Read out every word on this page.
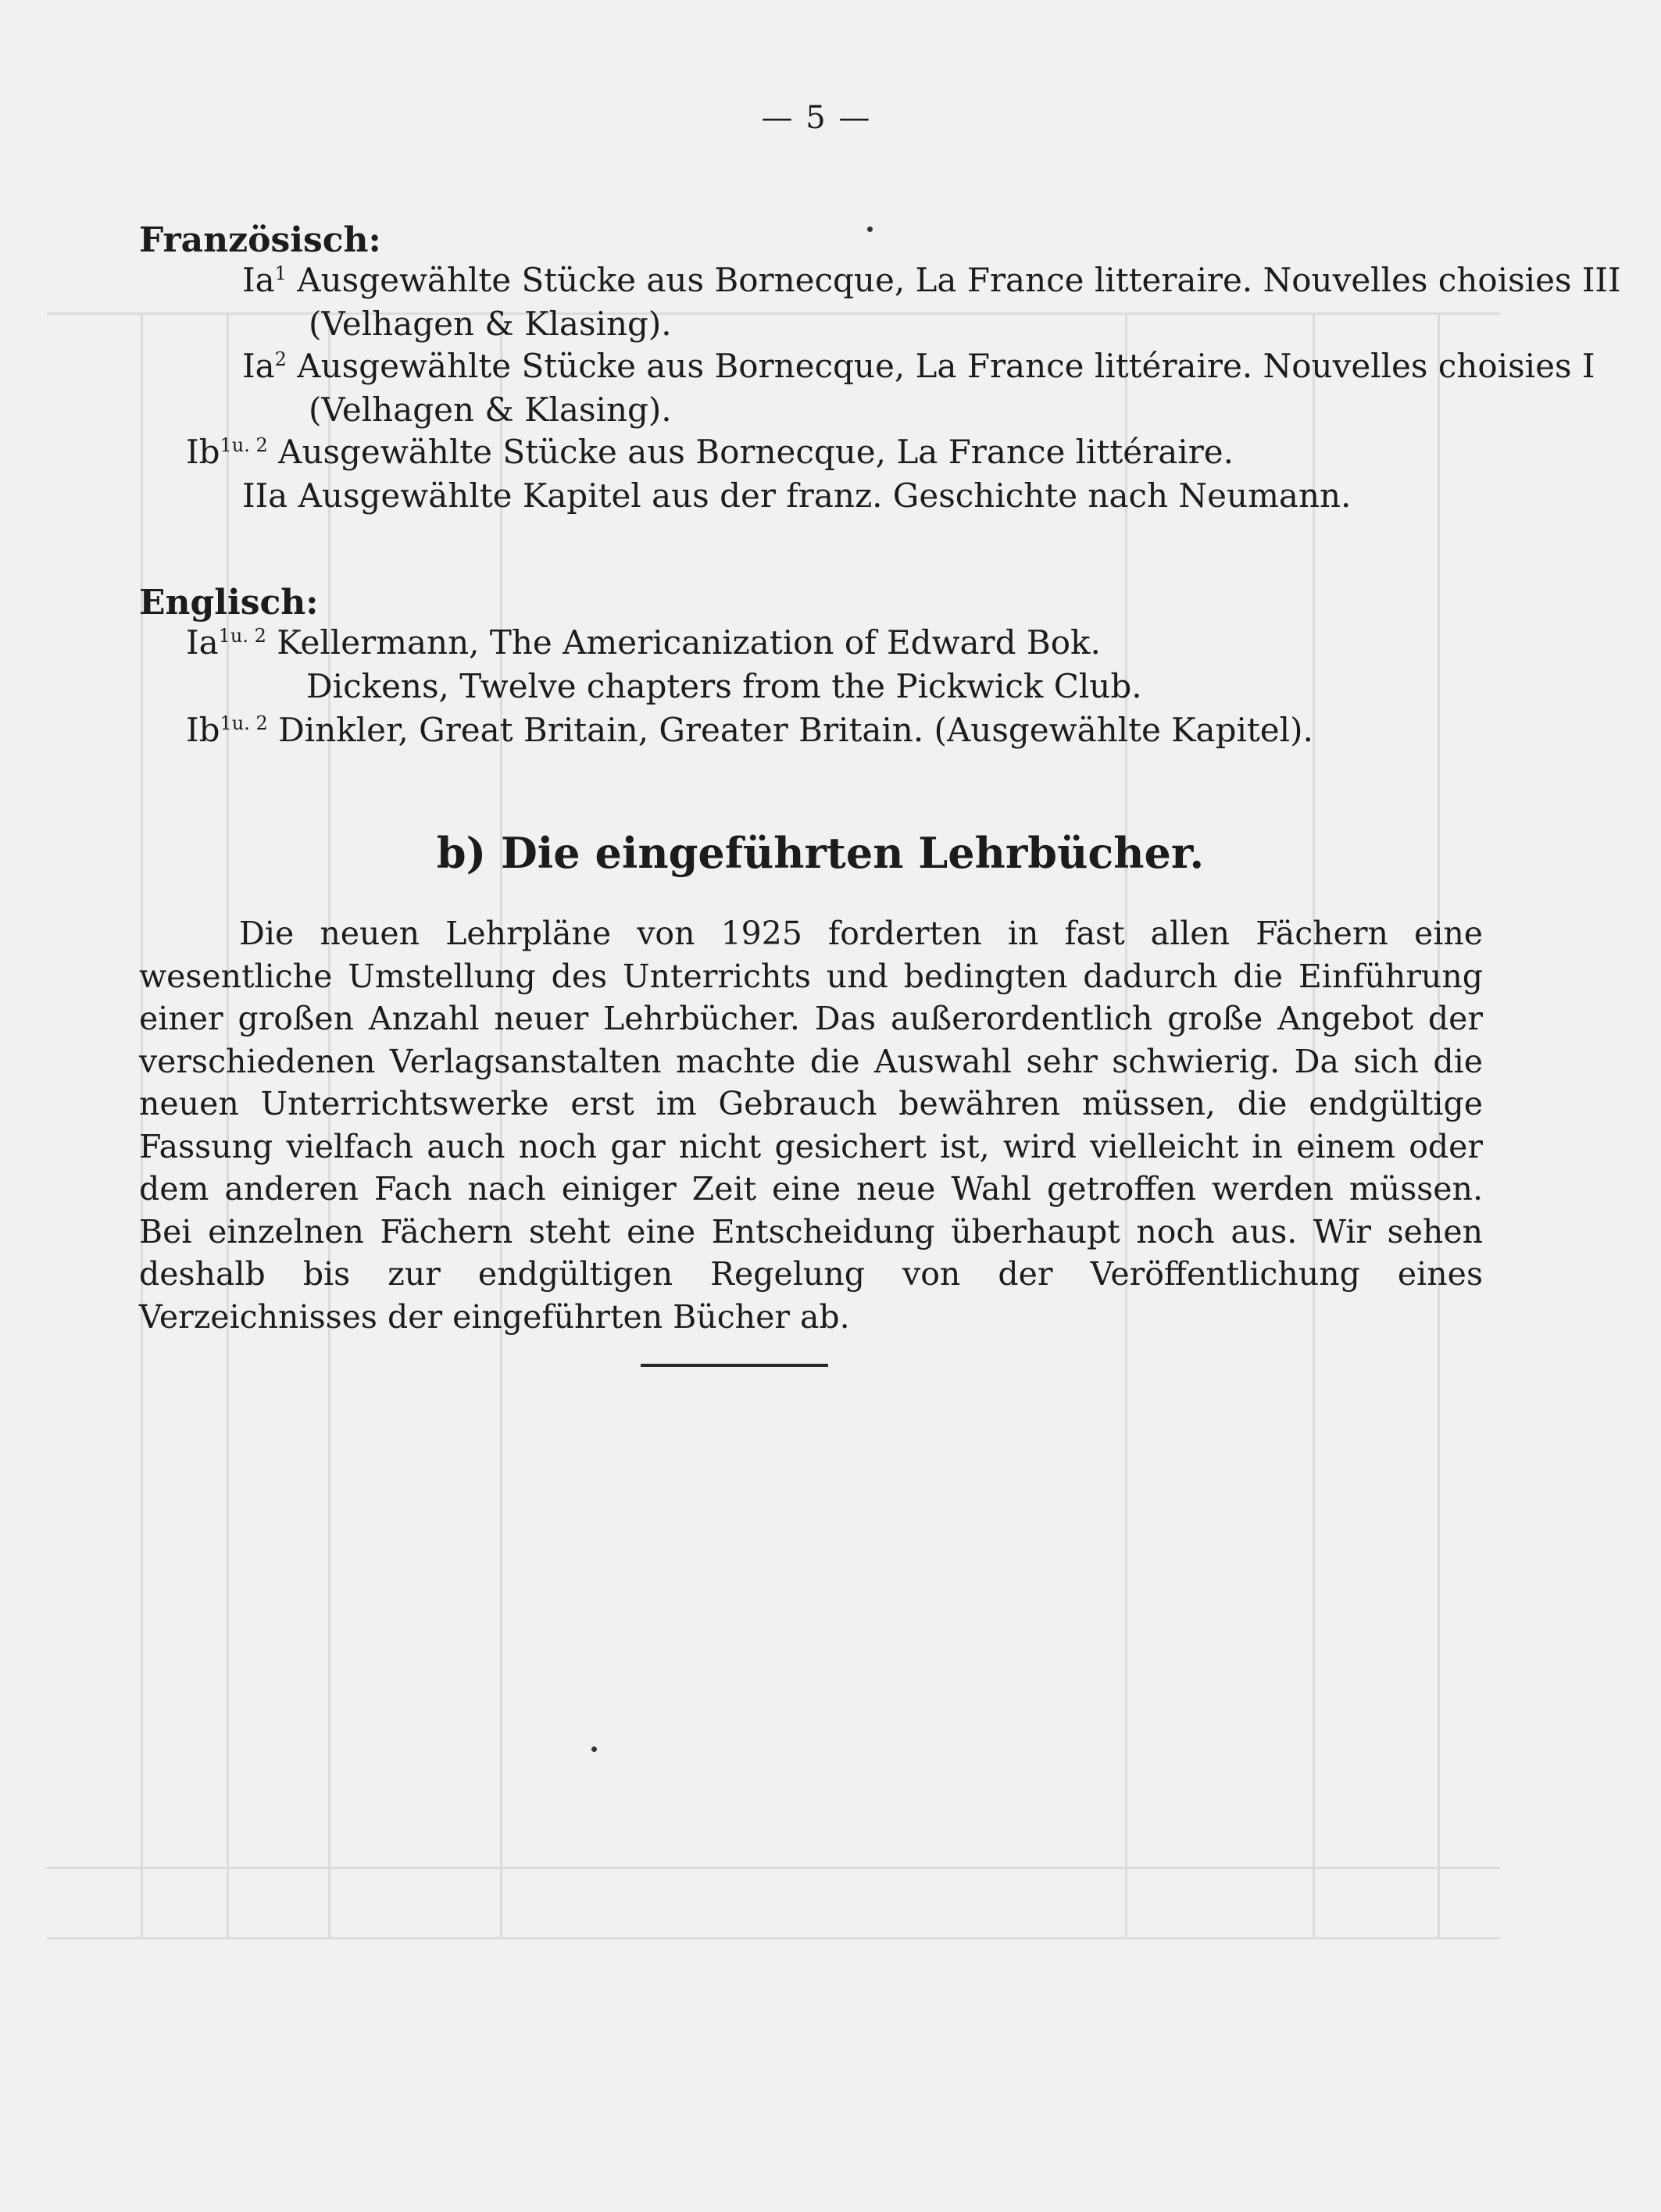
— 5 —
Französisch:
Ia$^1$ Ausgewählte Stücke aus Bornecque, La France litteraire. Nouvelles choisies III
(Velhagen & Klasing).
Ia$^2$ Ausgewählte Stücke aus Bornecque, La France littéraire. Nouvelles choisies I
(Velhagen & Klasing).
$Ib^{1u. 2}$ Ausgewählte Stücke aus Bornecque, La France littéraire.
IIa Ausgewählte Kapitel aus der franz. Geschichte nach Neumann.
Englisch:
$Ia^{1u. 2}$ Kellermann, The Americanization of Edward Bok.
Dickens, Twelve chapters from the Pickwick Club.
$Ib^{1u. 2}$ Dinkler, Great Britain, Greater Britain. (Ausgewählte Kapitel).
b) Die eingeführten Lehrbücher.

Die neuen Lehrpläne von 1925 forderten in fast allen Fächern eine wesentliche Umstellung des Unterrichts und bedingten dadurch die Einführung einer großen Anzahl neuer Lehrbücher. Das außerordentlich große Angebot der verschiedenen Verlagsanstalten machte die Auswahl sehr schwierig. Da sich die neuen Unterrichtswerke erst im Gebrauch bewähren müssen, die endgültige Fassung vielfach auch noch gar nicht gesichert ist, wird vielleicht in einem oder dem anderen Fach nach einiger Zeit eine neue Wahl getroffen werden müssen. Bei einzelnen Fächern steht eine Entscheidung überhaupt noch aus. Wir sehen deshalb bis zur endgültigen Regelung von der Veröffentlichung eines Verzeichnisses der eingeführten Bücher ab.
